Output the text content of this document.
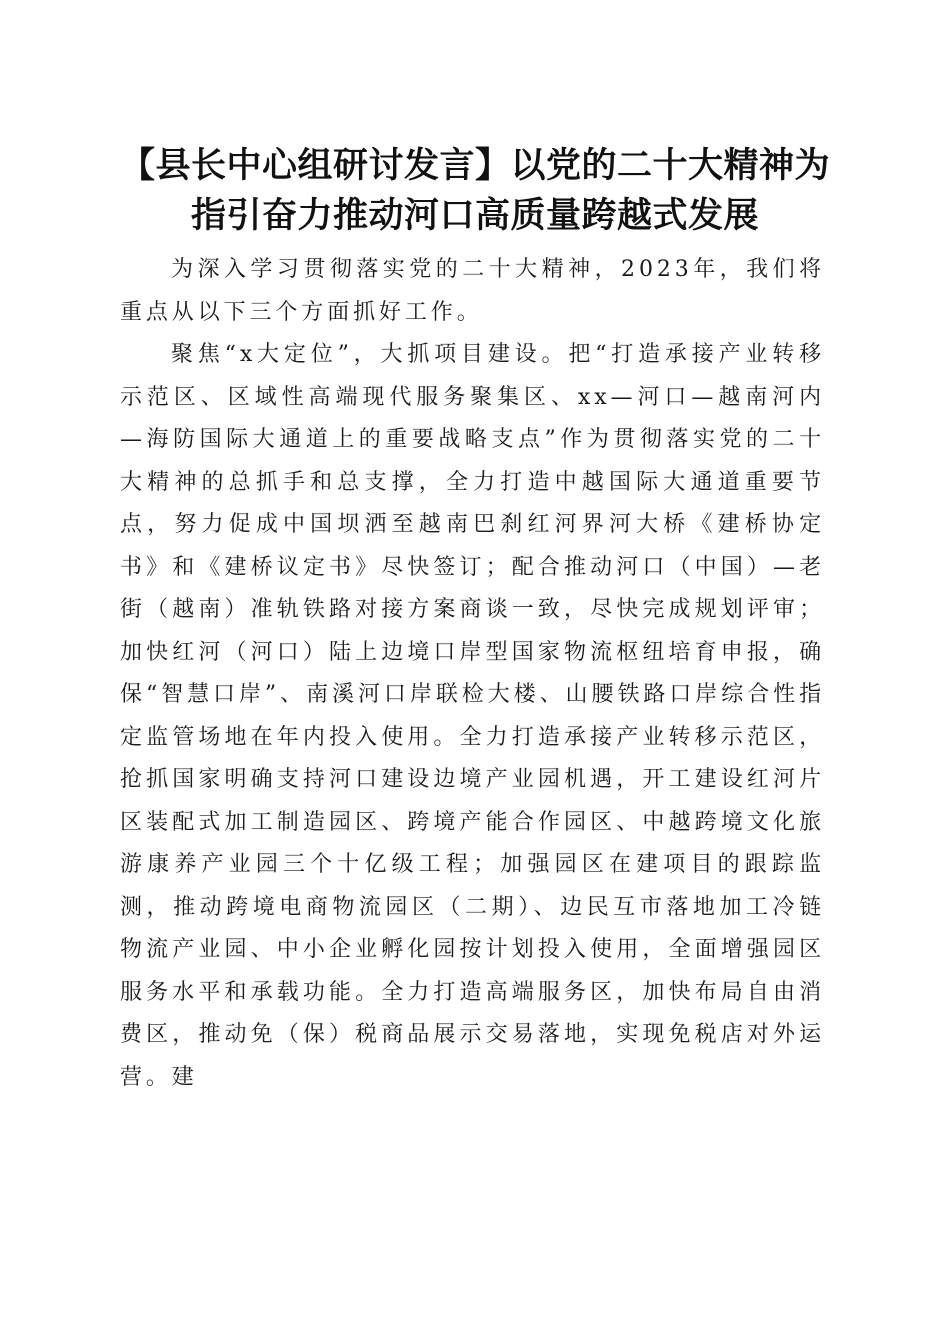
【县长中心组研讨发言】以党的二十大精神为
指引奋力推动河口高质量跨越式发展

为深入学习贯彻落实党的二十大精神，2023年，我们将重点从以下三个方面抓好工作。

聚焦“x大定位”，大抓项目建设。把“打造承接产业转移示范区、区域性高端现代服务聚集区、xx—河口—越南河内—海防国际大通道上的重要战略支点”作为贯彻落实党的二十大精神的总抓手和总支撑，全力打造中越国际大通道重要节点，努力促成中国坝洒至越南巴刹红河界河大桥《建桥协定书》和《建桥议定书》尽快签订；配合推动河口（中国）—老街（越南）准轨铁路对接方案商谈一致，尽快完成规划评审；加快红河（河口）陆上边境口岸型国家物流枢纽培育申报，确保“智慧口岸”、南溪河口岸联检大楼、山腰铁路口岸综合性指定监管场地在年内投入使用。全力打造承接产业转移示范区，抢抓国家明确支持河口建设边境产业园机遇，开工建设红河片区装配式加工制造园区、跨境产能合作园区、中越跨境文化旅游康养产业园三个十亿级工程；加强园区在建项目的跟踪监测，推动跨境电商物流园区（二期）、边民互市落地加工冷链物流产业园、中小企业孵化园按计划投入使用，全面增强园区服务水平和承载功能。全力打造高端服务区，加快布局自由消费区，推动免（保）税商品展示交易落地，实现免税店对外运营。建
